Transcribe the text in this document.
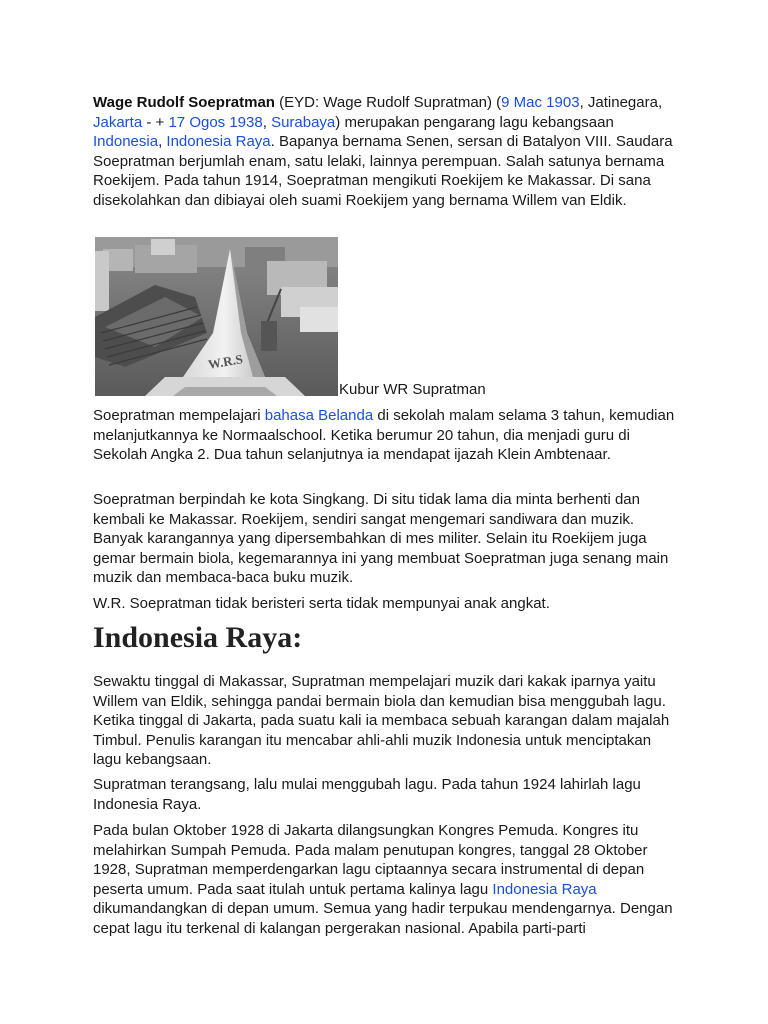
Wage Rudolf Soepratman (EYD: Wage Rudolf Supratman) (9 Mac 1903, Jatinegara, Jakarta - + 17 Ogos 1938, Surabaya) merupakan pengarang lagu kebangsaan Indonesia, Indonesia Raya. Bapanya bernama Senen, sersan di Batalyon VIII. Saudara Soepratman berjumlah enam, satu lelaki, lainnya perempuan. Salah satunya bernama Roekijem. Pada tahun 1914, Soepratman mengikuti Roekijem ke Makassar. Di sana disekolahkan dan dibiayai oleh suami Roekijem yang bernama Willem van Eldik.

W.R.S

Kubur WR Supratman

Soepratman mempelajari bahasa Belanda di sekolah malam selama 3 tahun, kemudian melanjutkannya ke Normaalschool. Ketika berumur 20 tahun, dia menjadi guru di Sekolah Angka 2. Dua tahun selanjutnya ia mendapat ijazah Klein Ambtenaar.

Soepratman berpindah ke kota Singkang. Di situ tidak lama dia minta berhenti dan kembali ke Makassar. Roekijem, sendiri sangat mengemari sandiwara dan muzik. Banyak karangannya yang dipersembahkan di mes militer. Selain itu Roekijem juga gemar bermain biola, kegemarannya ini yang membuat Soepratman juga senang main muzik dan membaca-baca buku muzik.

W.R. Soepratman tidak beristeri serta tidak mempunyai anak angkat.

Indonesia Raya:

Sewaktu tinggal di Makassar, Supratman mempelajari muzik dari kakak iparnya yaitu Willem van Eldik, sehingga pandai bermain biola dan kemudian bisa menggubah lagu. Ketika tinggal di Jakarta, pada suatu kali ia membaca sebuah karangan dalam majalah Timbul. Penulis karangan itu mencabar ahli-ahli muzik Indonesia untuk menciptakan lagu kebangsaan.

Supratman terangsang, lalu mulai menggubah lagu. Pada tahun 1924 lahirlah lagu Indonesia Raya.

Pada bulan Oktober 1928 di Jakarta dilangsungkan Kongres Pemuda. Kongres itu melahirkan Sumpah Pemuda. Pada malam penutupan kongres, tanggal 28 Oktober 1928, Supratman memperdengarkan lagu ciptaannya secara instrumental di depan peserta umum. Pada saat itulah untuk pertama kalinya lagu Indonesia Raya dikumandangkan di depan umum. Semua yang hadir terpukau mendengarnya. Dengan cepat lagu itu terkenal di kalangan pergerakan nasional. Apabila parti-parti
